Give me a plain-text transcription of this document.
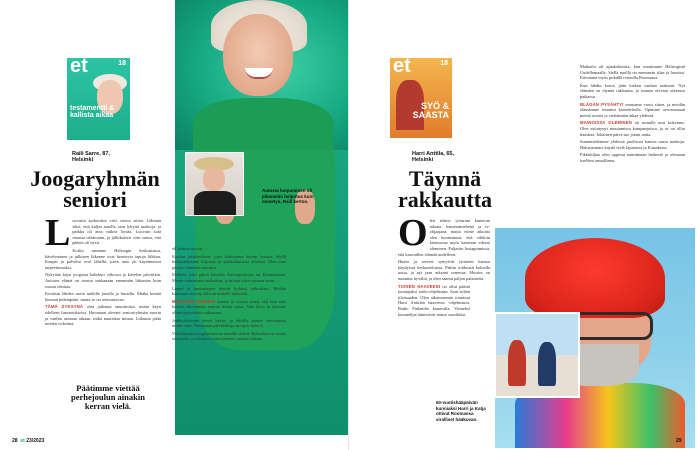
et	18
testamentti & kallista aikaa
Autosta luopuminen oli pikemmin helpotus kuin menetys, Raili kertoo.
Raili Sarre, 87,
Helsinki
Joogaryhmän
seniori
L uovutin ajokorttini viisi vuotta sitten. Lähinnä siksi, että kuljin autolla vain lyhyitä matkoja, ja paikka oli aina vaikea löytää. Luovuin siitä omasta tahdostani, ja jälkikäteen voin sanoa, että päätös oli hyvä.

Koska asumme Helsingin keskustassa, käveleminen ja julkinen liikenne ovat luontevia tapoja liikkua. Kaupat ja palvelut ovat lähellä, joten auto jäi käytännössä tarpeettomaksi.

Nykyään käyn joogassa kahdesti viikossa ja kävelen päivittäin. Autoton elämä on tuonut mukanaan enemmän liikuntaa kuin osasin odottaa.

Kesäisin lähden usein mökille junalla ja bussilla. Matka kestää hieman pidempään, mutta se on rentouttavaa.

TÄMÄ SYKSYNÄ olen jatkanut tanssimista, mutta käyn edelleen harrastuksissa. Huomaan olevani senioriryhmän nuorin ja vanhin samaan aikaan, mikä naurattaa minua. Liikunta pitää mielen virkeänä.

Päätimme viettää perhejoulun ainakin kerran vielä.

eli joukon nuorin.

Kuulun juttukerhoon, joka kokoontuu kerran kuussa. Siellä keskustelemme kirjoista ja ajankohtaisista aiheista. Olen aina pitänyt ihmisten seurasta.

Melkein joka päivä kävelen Kaivopuistoon tai Eiranrantaan. Meren näkeminen rauhoittaa, ja tuttuja tulee vastaan usein.

Lapset ja lapsenlapset käyvät kylässä viikoittain. Heidän kanssaan vietetty aika on minulle tärkeintä.

MIETIMME MIEHENI kanssa jo vuosia sitten, että kun aika koittaa, luovumme autosta ilman surua. Niin kävi, ja olemme olleet tyytyväisiä ratkaisuun.

Joukkoliikenne toimii hyvin, ja taksilla pääsee tarvittaessa minne vain. Vanhusten palvelulinja on myös kätevä.

Viikoittainen joogaryhmä on minulle tärkeä. Ryhmässä on useita senioreita, ja olemme ystävystyneet vuosien aikana.

28 et 23/2023
et	18
SYÖ & SAASTA
Harri Anttila, 65,
Helsinki
Täynnä
rakkautta
O len tehnyt työurani kameran takana, kameramiehenä ja tv-ohjaajana, mutta viime aikoina olen huomannut, että vihdoin kiinnostaa myös kameran edessä oleminen. Paljastin Instagramissa, että kaavaillen elämää uudelleen.

Haave ja toiveet syntyivät tyttäreni kanssa käydyissä keskusteluissa. Päätin rohkeasti kokeilla uutta, ja nyt jaan arkeani somessa. Muutos on tuntunut hyvältä, ja olen saanut paljon palautetta.

TOINEN HAAVEENI on ollut päästä juontajaksi radio-ohjelmaan. Sain siihen tilaisuuden. Olen aikaisemmin toiminut Harri Anttilan haaveena -ohjelmassa. Radio Finlandia kanavalla. Viimeksi kuuntelijat äänestivät minut suosikiksi.

Matkailu oli ajankohtaista, kun muutimme Helsingistä Uudellemaalle. Siellä meillä on enemmän tilaa ja luontoa. Kävimme myös pitkällä reissulla Roomassa.

Kun lähdin kotoa, jätin kaiken vanhan taakseni. Nyt elämäni on täynnä rakkautta, ja tunnen olevani oikeassa paikassa.

BLÄGÄN PYSÄHTYI muutama vuosi sitten, ja meidän elämämme muuttui kertaheitolla. Opimme arvostamaan pieniä asioita ja viettämään aikaa yhdessä.

MAINOISSA OLEMINEN oli minulle uusi kokemus. Olen esiintynyt muutamissa kampanjoissa, ja se on ollut hauskaa. Jokainen päivä tuo jotain uutta.

Suunnittelemme yhdessä puolisoni kanssa uusia matkoja. Haluaisimme käydä vielä Japanissa ja Kanadassa.

Pikkuhiljaa olen oppinut nauttimaan hetkestä ja olemaan itselleni armollinen.

60-vuotishääpäivän kunniaksi Harri ja Katja ottivat Roomassa viralliset hääkuvan.
29
